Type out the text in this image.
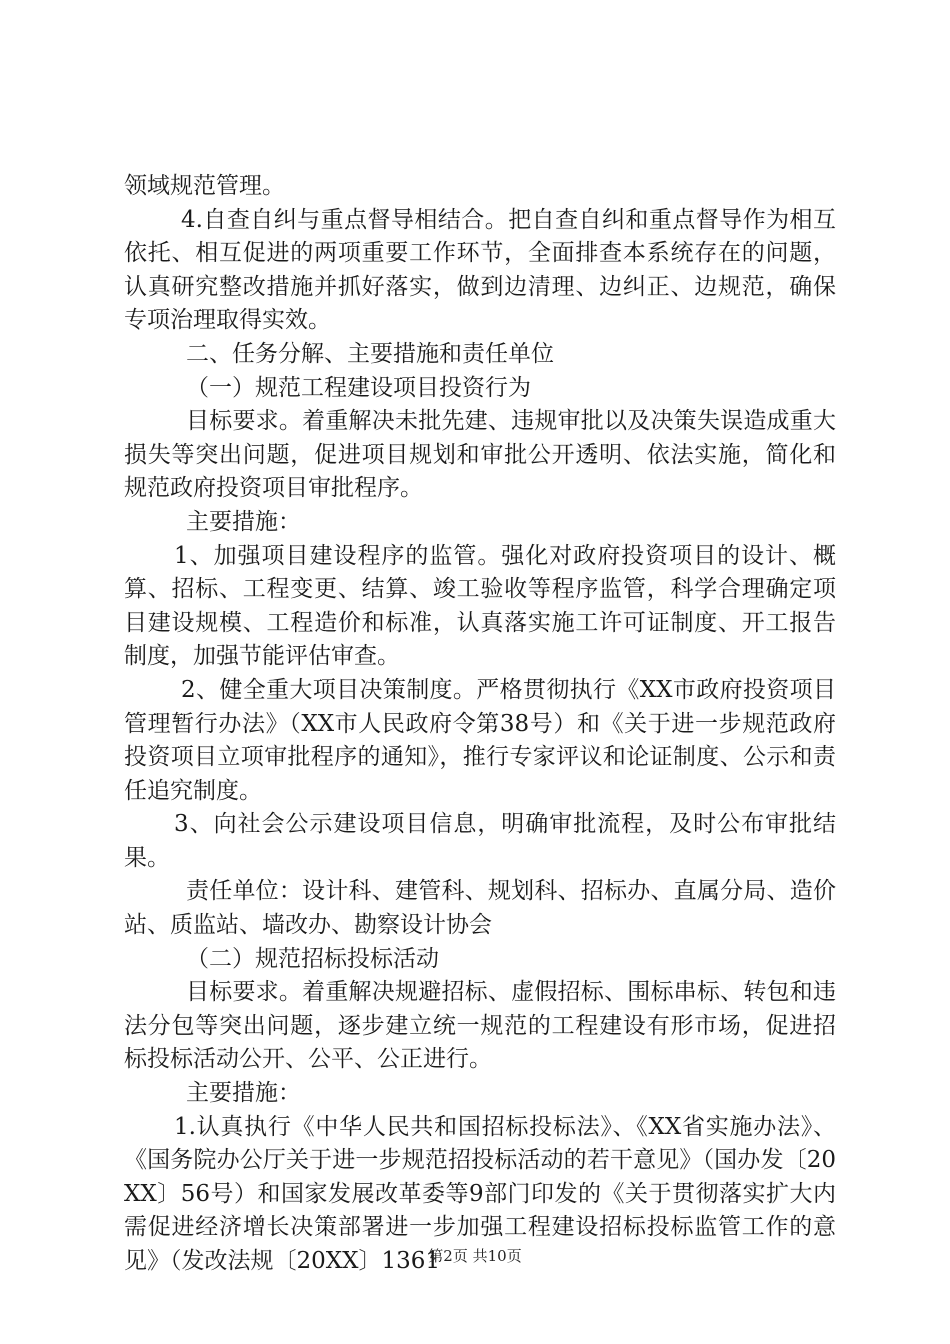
领域规范管理。

4.自查自纠与重点督导相结合。把自查自纠和重点督导作为相互依托、相互促进的两项重要工作环节，全面排查本系统存在的问题，认真研究整改措施并抓好落实，做到边清理、边纠正、边规范，确保专项治理取得实效。

二、任务分解、主要措施和责任单位

（一）规范工程建设项目投资行为

目标要求。着重解决未批先建、违规审批以及决策失误造成重大损失等突出问题，促进项目规划和审批公开透明、依法实施，简化和规范政府投资项目审批程序。

主要措施：

1、加强项目建设程序的监管。强化对政府投资项目的设计、概算、招标、工程变更、结算、竣工验收等程序监管，科学合理确定项目建设规模、工程造价和标准，认真落实施工许可证制度、开工报告制度，加强节能评估审查。

2、健全重大项目决策制度。严格贯彻执行《XX市政府投资项目管理暂行办法》（XX市人民政府令第38号）和《关于进一步规范政府投资项目立项审批程序的通知》，推行专家评议和论证制度、公示和责任追究制度。

3、向社会公示建设项目信息，明确审批流程，及时公布审批结果。

责任单位：设计科、建管科、规划科、招标办、直属分局、造价站、质监站、墙改办、勘察设计协会

（二）规范招标投标活动

目标要求。着重解决规避招标、虚假招标、围标串标、转包和违法分包等突出问题，逐步建立统一规范的工程建设有形市场，促进招标投标活动公开、公平、公正进行。

主要措施：

1.认真执行《中华人民共和国招标投标法》、《XX省实施办法》、《国务院办公厅关于进一步规范招投标活动的若干意见》（国办发〔20XX〕56号）和国家发展改革委等9部门印发的《关于贯彻落实扩大内需促进经济增长决策部署进一步加强工程建设招标投标监管工作的意见》（发改法规〔20XX〕1361

第2页 共10页
